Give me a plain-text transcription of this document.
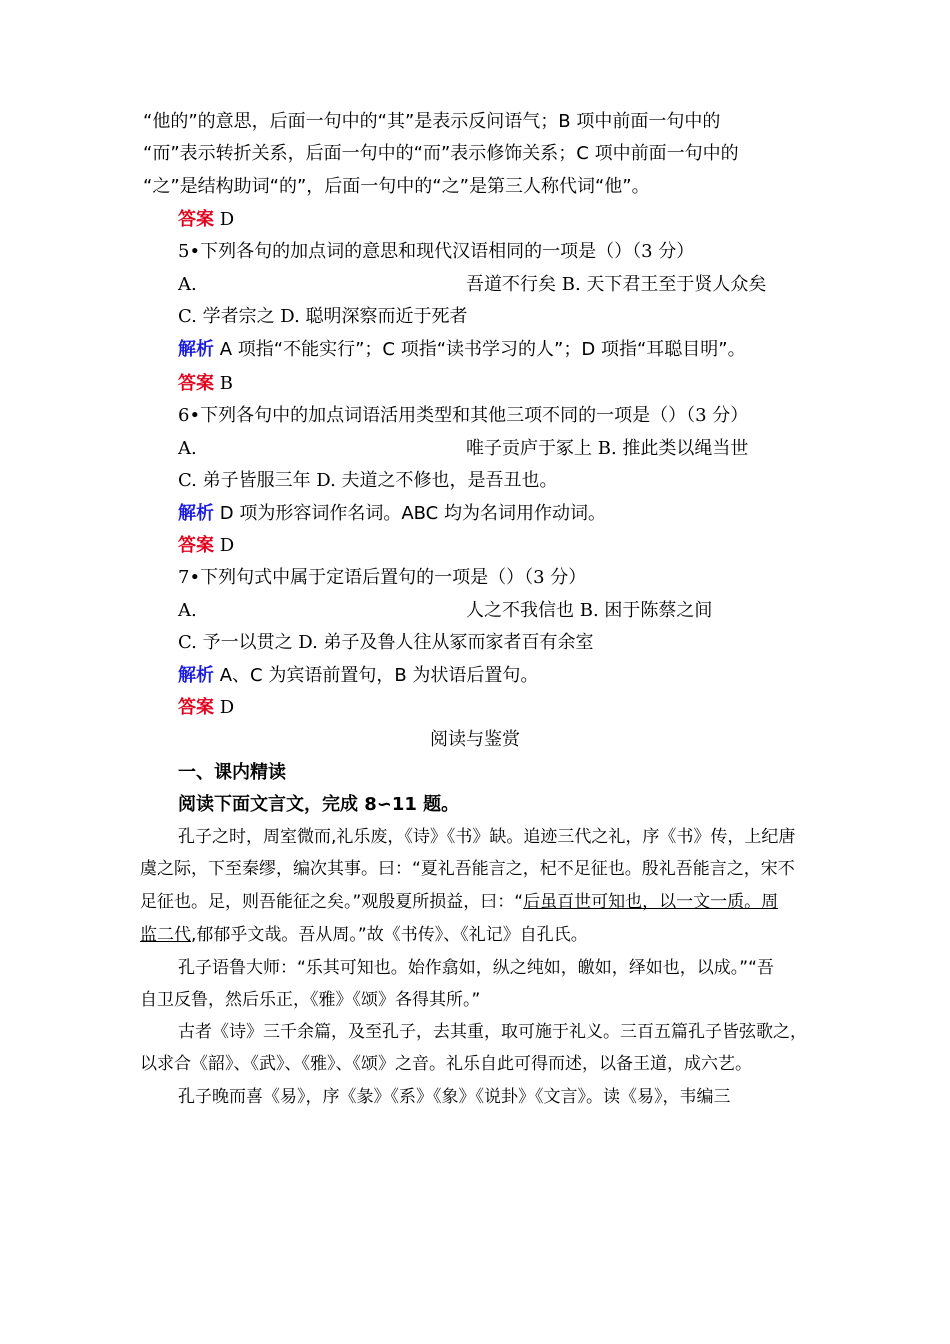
“他的”的意思，后面一句中的“其”是表示反问语气；B 项中前面一句中的
“而”表示转折关系，后面一句中的“而”表示修饰关系；C 项中前面一句中的
“之”是结构助词“的”，后面一句中的“之”是第三人称代词“他”。
答案 D
5•下列各句的加点词的意思和现代汉语相同的一项是（）（3 分）
A.	吾道不行矣 B. 天下君王至于贤人众矣
C. 学者宗之 D. 聪明深察而近于死者
解析 A 项指“不能实行”；C 项指“读书学习的人”；D 项指“耳聪目明”。
答案 B
6•下列各句中的加点词语活用类型和其他三项不同的一项是（）（3 分）
A.	唯子贡庐于冢上 B. 推此类以绳当世
C. 弟子皆服三年 D. 夫道之不修也，是吾丑也。
解析 D 项为形容词作名词。ABC 均为名词用作动词。
答案 D
7•下列句式中属于定语后置句的一项是（）（3 分）
A.	人之不我信也 B. 困于陈蔡之间
C. 予一以贯之 D. 弟子及鲁人往从冢而家者百有余室
解析 A、C 为宾语前置句，B 为状语后置句。
答案 D
阅读与鉴赏
一、课内精读
阅读下面文言文，完成 8∽11 题。
孔子之时，周室微而,礼乐废，《诗》《书》缺。追迹三代之礼，序《书》传，上纪唐
虞之际，下至秦缪，编次其事。曰：“夏礼吾能言之，杞不足征也。殷礼吾能言之，宋不
足征也。足，则吾能征之矣。”观殷夏所损益，曰：“后虽百世可知也，以一文一质。周
监二代,郁郁乎文哉。吾从周。”故《书传》、《礼记》自孔氏。
孔子语鲁大师：“乐其可知也。始作翕如，纵之纯如，皦如，绎如也，以成。”“吾
自卫反鲁，然后乐正，《雅》《颂》各得其所。”
古者《诗》三千余篇，及至孔子，去其重，取可施于礼义。三百五篇孔子皆弦歌之，
以求合《韶》、《武》、《雅》、《颂》之音。礼乐自此可得而述，以备王道，成六艺。
孔子晚而喜《易》，序《彖》《系》《象》《说卦》《文言》。读《易》，韦编三
